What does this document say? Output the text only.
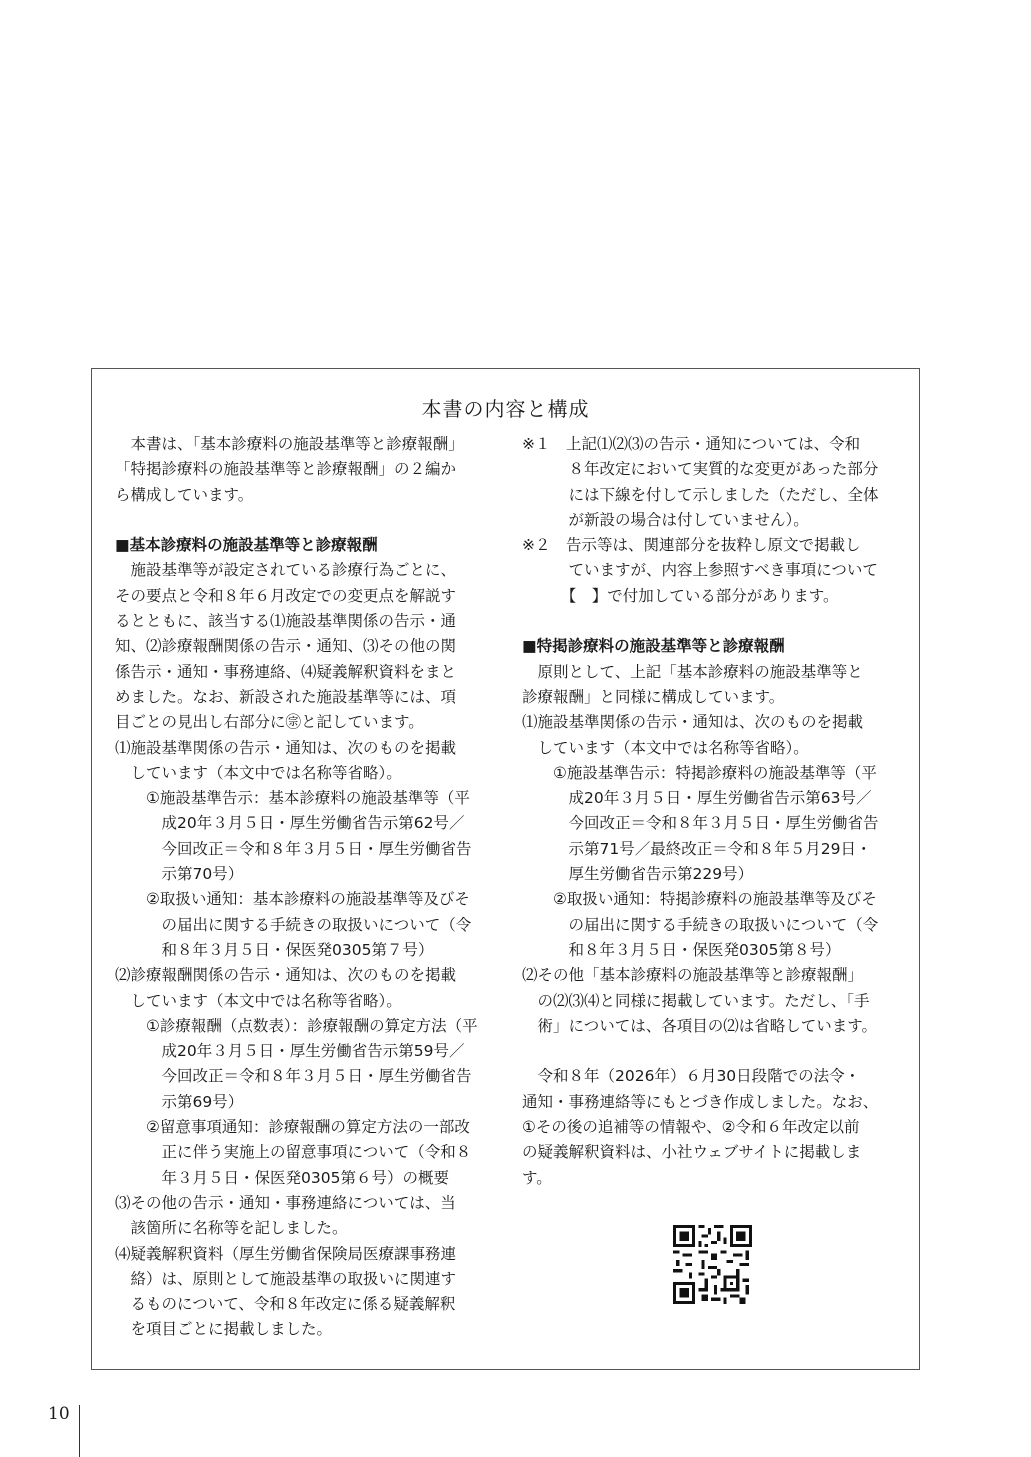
本書の内容と構成
　本書は、「基本診療料の施設基準等と診療報酬」
「特掲診療料の施設基準等と診療報酬」の２編か
ら構成しています。
■基本診療料の施設基準等と診療報酬
　施設基準等が設定されている診療行為ごとに、
その要点と令和８年６月改定での変更点を解説す
るとともに、該当する⑴施設基準関係の告示・通
知、⑵診療報酬関係の告示・通知、⑶その他の関
係告示・通知・事務連絡、⑷疑義解釈資料をまと
めました。なお、新設された施設基準等には、項
目ごとの見出し右部分に㊪と記しています。
⑴施設基準関係の告示・通知は、次のものを掲載
　しています（本文中では名称等省略）。
　　①施設基準告示：基本診療料の施設基準等（平
　　　成20年３月５日・厚生労働省告示第62号／
　　　今回改正＝令和８年３月５日・厚生労働省告
　　　示第70号）
　　②取扱い通知：基本診療料の施設基準等及びそ
　　　の届出に関する手続きの取扱いについて（令
　　　和８年３月５日・保医発0305第７号）
⑵診療報酬関係の告示・通知は、次のものを掲載
　しています（本文中では名称等省略）。
　　①診療報酬（点数表）：診療報酬の算定方法（平
　　　成20年３月５日・厚生労働省告示第59号／
　　　今回改正＝令和８年３月５日・厚生労働省告
　　　示第69号）
　　②留意事項通知：診療報酬の算定方法の一部改
　　　正に伴う実施上の留意事項について（令和８
　　　年３月５日・保医発0305第６号）の概要
⑶その他の告示・通知・事務連絡については、当
　該箇所に名称等を記しました。
⑷疑義解釈資料（厚生労働省保険局医療課事務連
　絡）は、原則として施設基準の取扱いに関連す
　るものについて、令和８年改定に係る疑義解釈
　を項目ごとに掲載しました。
※１　上記⑴⑵⑶の告示・通知については、令和
　　　８年改定において実質的な変更があった部分
　　　には下線を付して示しました（ただし、全体
　　　が新設の場合は付していません）。
※２　告示等は、関連部分を抜粋し原文で掲載し
　　　ていますが、内容上参照すべき事項について
　　　【　】で付加している部分があります。
■特掲診療料の施設基準等と診療報酬
　原則として、上記「基本診療料の施設基準等と
診療報酬」と同様に構成しています。
⑴施設基準関係の告示・通知は、次のものを掲載
　しています（本文中では名称等省略）。
　　①施設基準告示：特掲診療料の施設基準等（平
　　　成20年３月５日・厚生労働省告示第63号／
　　　今回改正＝令和８年３月５日・厚生労働省告
　　　示第71号／最終改正＝令和８年５月29日・
　　　厚生労働省告示第229号）
　　②取扱い通知：特掲診療料の施設基準等及びそ
　　　の届出に関する手続きの取扱いについて（令
　　　和８年３月５日・保医発0305第８号）
⑵その他「基本診療料の施設基準等と診療報酬」
　の⑵⑶⑷と同様に掲載しています。ただし、「手
　術」については、各項目の⑵は省略しています。
　令和８年（2026年）６月30日段階での法令・
通知・事務連絡等にもとづき作成しました。なお、
①その後の追補等の情報や、②令和６年改定以前
の疑義解釈資料は、小社ウェブサイトに掲載しま
す。
10
